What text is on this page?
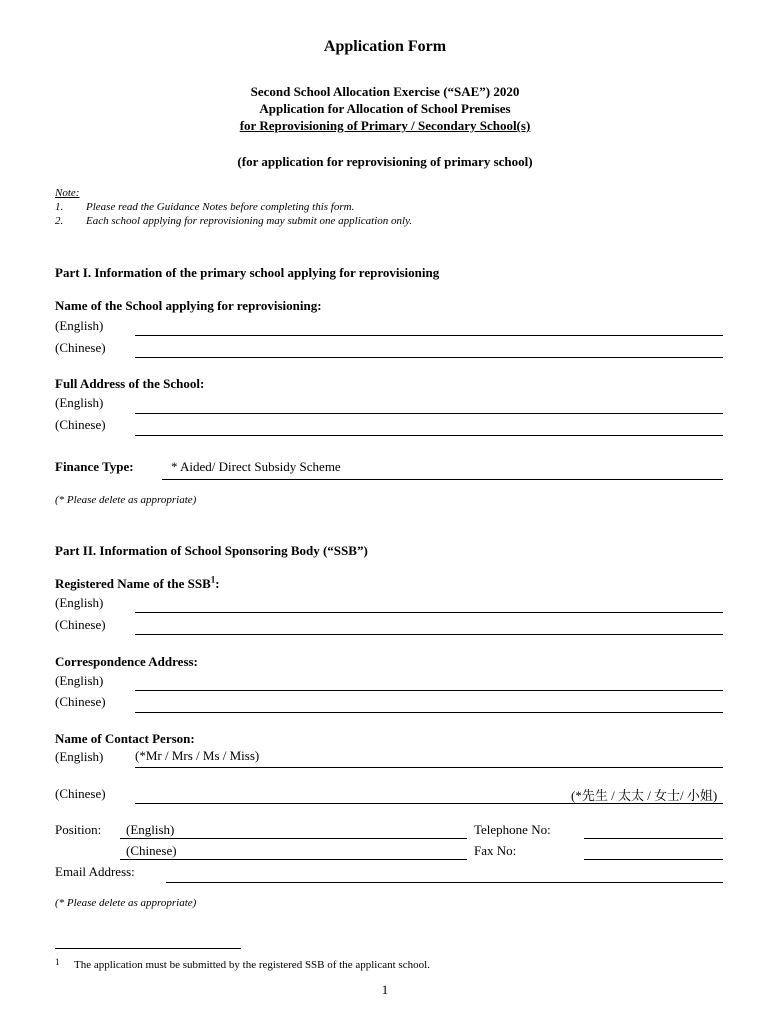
Application Form
Second School Allocation Exercise (“SAE”) 2020
Application for Allocation of School Premises
for Reprovisioning of Primary / Secondary School(s)
(for application for reprovisioning of primary school)
Note:
1. Please read the Guidance Notes before completing this form.
2. Each school applying for reprovisioning may submit one application only.
Part I. Information of the primary school applying for reprovisioning
Name of the School applying for reprovisioning:
(English)
(Chinese)
Full Address of the School:
(English)
(Chinese)
Finance Type:	* Aided/ Direct Subsidy Scheme
(* Please delete as appropriate)
Part II. Information of School Sponsoring Body (“SSB”)
Registered Name of the SSB$^1$:
(English)
(Chinese)
Correspondence Address:
(English)
(Chinese)
Name of Contact Person:
(English) (*Mr / Mrs / Ms / Miss)
(Chinese)	(*先生 / 太太 / 女士/ 小姐)
Position: (English)
(Chinese)
Telephone No:
Fax No:
Email Address:
(* Please delete as appropriate)
1 The application must be submitted by the registered SSB of the applicant school.
1
